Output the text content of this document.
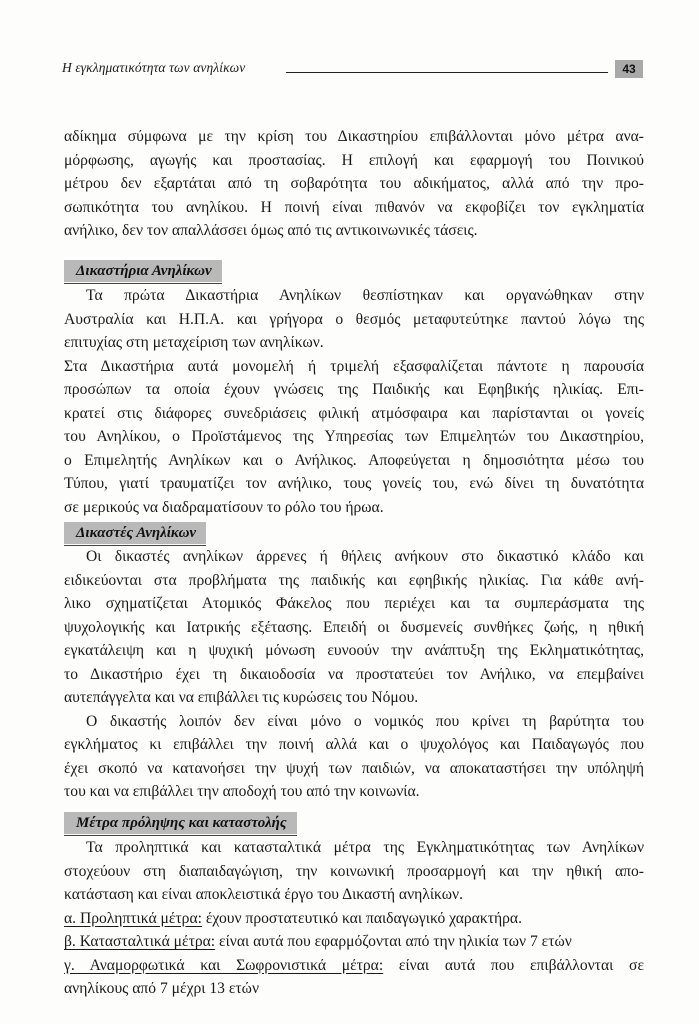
Η εγκληματικότητα των ανηλίκων	43
αδίκημα σύμφωνα με την κρίση του Δικαστηρίου επιβάλλονται μόνο μέτρα ανα-
μόρφωσης, αγωγής και προστασίας. Η επιλογή και εφαρμογή του Ποινικού
μέτρου δεν εξαρτάται από τη σοβαρότητα του αδικήματος, αλλά από την προ-
σωπικότητα του ανηλίκου. Η ποινή είναι πιθανόν να εκφοβίζει τον εγκληματία
ανήλικο, δεν τον απαλλάσσει όμως από τις αντικοινωνικές τάσεις.
Δικαστήρια Ανηλίκων
Τα πρώτα Δικαστήρια Ανηλίκων θεσπίστηκαν και οργανώθηκαν στην
Αυστραλία και Η.Π.Α. και γρήγορα ο θεσμός μεταφυτεύτηκε παντού λόγω της
επιτυχίας στη μεταχείριση των ανηλίκων.
Στα Δικαστήρια αυτά μονομελή ή τριμελή εξασφαλίζεται πάντοτε η παρουσία
προσώπων τα οποία έχουν γνώσεις της Παιδικής και Εφηβικής ηλικίας. Επι-
κρατεί στις διάφορες συνεδριάσεις φιλική ατμόσφαιρα και παρίστανται οι γονείς
του Ανηλίκου, ο Προϊστάμενος της Υπηρεσίας των Επιμελητών του Δικαστηρίου,
ο Επιμελητής Ανηλίκων και ο Ανήλικος. Αποφεύγεται η δημοσιότητα μέσω του
Τύπου, γιατί τραυματίζει τον ανήλικο, τους γονείς του, ενώ δίνει τη δυνατότητα
σε μερικούς να διαδραματίσουν το ρόλο του ήρωα.
Δικαστές Ανηλίκων
Οι δικαστές ανηλίκων άρρενες ή θήλεις ανήκουν στο δικαστικό κλάδο και
ειδικεύονται στα προβλήματα της παιδικής και εφηβικής ηλικίας. Για κάθε ανή-
λικο σχηματίζεται Ατομικός Φάκελος που περιέχει και τα συμπεράσματα της
ψυχολογικής και Ιατρικής εξέτασης. Επειδή οι δυσμενείς συνθήκες ζωής, η ηθική
εγκατάλειψη και η ψυχική μόνωση ευνοούν την ανάπτυξη της Εκληματικότητας,
το Δικαστήριο έχει τη δικαιοδοσία να προστατεύει τον Ανήλικο, να επεμβαίνει
αυτεπάγγελτα και να επιβάλλει τις κυρώσεις του Νόμου.
Ο δικαστής λοιπόν δεν είναι μόνο ο νομικός που κρίνει τη βαρύτητα του
εγκλήματος κι επιβάλλει την ποινή αλλά και ο ψυχολόγος και Παιδαγωγός που
έχει σκοπό να κατανοήσει την ψυχή των παιδιών, να αποκαταστήσει την υπόληψή
του και να επιβάλλει την αποδοχή του από την κοινωνία.
Μέτρα πρόληψης και καταστολής
Τα προληπτικά και κατασταλτικά μέτρα της Εγκληματικότητας των Ανηλίκων
στοχεύουν στη διαπαιδαγώγιση, την κοινωνική προσαρμογή και την ηθική απο-
κατάσταση και είναι αποκλειστικά έργο του Δικαστή ανηλίκων.
α. Προληπτικά μέτρα: έχουν προστατευτικό και παιδαγωγικό χαρακτήρα.
β. Κατασταλτικά μέτρα: είναι αυτά που εφαρμόζονται από την ηλικία των 7 ετών
γ. Αναμορφωτικά και Σωφρονιστικά μέτρα: είναι αυτά που επιβάλλονται σε
ανηλίκους από 7 μέχρι 13 ετών
